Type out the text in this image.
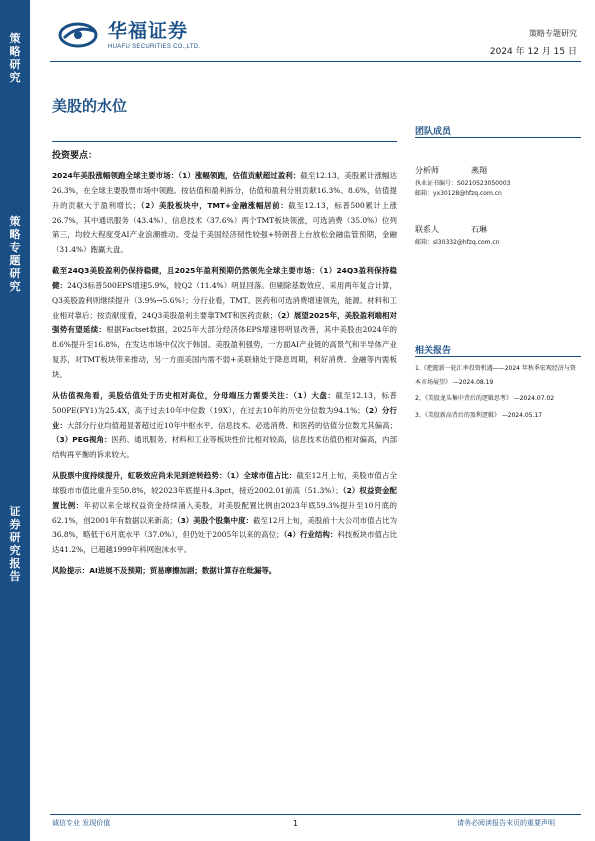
策
略
研
究
策
略
专
题
研
究
证
券
研
究
报
告
华福证券
HUAFU SECURITIES CO.,LTD.
策略专题研究
2024 年 12 月 15 日
美股的水位
团队成员
分析师	燕翔
执业证书编号：S0210523050003
邮箱：yx30128@hfzq.com.cn
联系人	石琳
邮箱：sl30332@hfzq.com.cn
相关报告
1.《把握新一轮汇率投资机遇——2024 年秋季宏观经济与资本市场展望》 —2024.08.19
2、《美股龙头集中背后的逻辑思考》 —2024.07.02
3、《美股新高背后的盈利逻辑》 —2024.05.17
投资要点：
2024年美股涨幅领跑全球主要市场：（1）涨幅领跑，估值贡献超过盈利：截至12.13，美股累计涨幅达26.3%，在全球主要股票市场中领跑。按估值和盈利拆分，估值和盈利分别贡献16.3%、8.6%，估值提升的贡献大于盈利增长；（2）美股板块中，TMT+金融涨幅居前：截至12.13，标普500累计上涨26.7%，其中通讯服务（43.4%）、信息技术（37.6%）两个TMT板块领涨，可选消费（35.0%）位列第三，均较大程度受AI产业浪潮推动。受益于美国经济韧性较强+特朗普上台放松金融监管预期，金融（31.4%）跑赢大盘。
截至24Q3美股盈利仍保持稳健，且2025年盈利预期仍然领先全球主要市场：（1）24Q3盈利保持稳健：24Q3标普500EPS增速5.9%，较Q2（11.4%）明显回落。但剔除基数效应、采用两年复合计算，Q3美股盈利则继续提升（3.9%→5.6%）；分行业看，TMT、医药和可选消费增速领先，能源、材料和工业相对靠后；按贡献度看，24Q3美股盈利主要靠TMT和医药贡献；（2）展望2025年，美股盈利端相对强势有望延续：根据Factset数据，2025年大部分经济体EPS增速将明显改善，其中美股由2024年的8.6%提升至16.8%，在发达市场中仅次于韩国。美股盈利强势，一方面AI产业链的高景气和半导体产业复苏，对TMT板块带来推动，另一方面美国内需不弱+美联储处于降息周期，利好消费、金融等内需板块。
从估值视角看，美股估值处于历史相对高位，分母端压力需要关注：（1）大盘：截至12.13，标普500PE(FY1)为25.4X，高于过去10年中位数（19X），在过去10年的历史分位数为94.1%；（2）分行业：大部分行业均值超显著超过近10年中枢水平，信息技术、必选消费、和医药的估值分位数尤其偏高；（3）PEG视角：医药、通讯服务、材料和工业等板块性价比相对较高，信息技术估值仍相对偏高，内部结构再平衡的诉求较大。
从股票中度持续提升，虹吸效应尚未见到逆转趋势：（1）全球市值占比：截至12月上旬，美股市值占全球股市市值比重升至50.8%，较2023年底提升4.3pct，接近2002.01前高（51.3%）；（2）权益资金配置比例：年初以来全球权益资金持续涌入美股，对美股配置比例由2023年底59.3%提升至10月底的62.1%，创2001年有数据以来新高；（3）美股个股集中度：截至12月上旬，美股前十大公司市值占比为36.8%，略低于6月底水平（37.0%），但仍处于2005年以来的高位；（4）行业结构：科技板块市值占比达41.2%，已超越1999年科网泡沫水平。
风险提示：AI进展不及预期；贸易摩擦加剧；数据计算存在纰漏等。
诚信专业 发现价值	1	请务必阅读报告末页的重要声明
